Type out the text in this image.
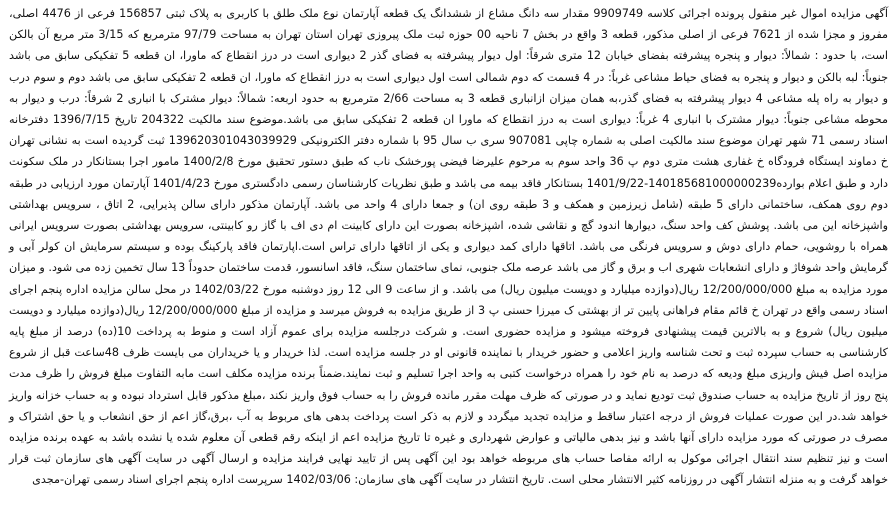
آگهی مزایده اموال غیر منقول پرونده اجرائی کلاسه 9909749 مقدار سه دانگ مشاع از ششدانگ یک قطعه آپارتمان نوع ملک طلق با کاربری به پلاک ثبتی 156857 فرعی از 4476 اصلی، مفروز و مجزا شده از 7621 فرعی از اصلی مذکور، قطعه 3 واقع در بخش 7 ناحیه 00 حوزه ثبت ملک پیروزی تهران استان تهران به مساحت 97/79 مترمربع که 3/15 متر مربع آن بالکن است، با حدود : شمالاً: دیوار و پنجره پیشرفته بفضای خیابان 12 متری شرقاً: اول دیوار پیشرفته به فضای گذر 2 دیواری است در درز انقطاع که ماورا، ان قطعه 5 تفکیکی سابق می باشد جنوباً: لبه بالکن و دیوار و پنجره به فضای حیاط مشاعی غرباً: در 4 قسمت که دوم شمالی است اول دیواری است به درز انقطاع که ماورا، ان قطعه 2 تفکیکی سابق می باشد دوم و سوم درب و دیوار به راه پله مشاعی 4 دیوار پیشرفته به فضای گذر،به همان میزان ازانباری قطعه 3 به مساحت 2/66 مترمربع به حدود اربعه: شمالاً: دیوار مشترک با انباری 2 شرقاً: درب و دیوار به محوطه مشاعی جنوباً: دیوار مشترک با انباری 4 غرباً: دیواری است به درز انقطاع که ماورا ان قطعه 2 تفکیکی سابق می باشد.موضوع سند مالکیت 204322 تاریخ 1396/7/15 دفترخانه اسناد رسمی 71 شهر تهران موضوع سند مالکیت اصلی به شماره چاپی 907081 سری ب سال 95 با شماره دفتر الکترونیکی 139620301043039929 ثبت گردیده است به نشانی تهران خ دماوند ایستگاه فرودگاه خ غفاری هشت متری دوم پ 36 واحد سوم به مرحوم علیرضا فیضی پورخشک ناب که طبق دستور تحقیق مورخ 1400/2/8 مامور اجرا بستانکار در ملک سکونت دارد و طبق اعلام بوارده140185681000000239-1401/9/22 بستانکار فاقد بیمه می باشد و طبق نظریات کارشناسان رسمی دادگستری مورخ 1401/4/23 آپارتمان مورد ارزیابی در طبقه دوم روی همکف، ساختمانی دارای 5 طبقه (شامل زیرزمین و همکف و 3 طبقه روی ان) و جمعا دارای 4 واحد می باشد. آپارتمان مذکور دارای سالن پذیرایی، 2 اتاق ، سرویس بهداشتی واشپزخانه این می باشد. پوشش کف واحد سنگ، دیوارها اندود گچ و نقاشی شده، اشپزخانه بصورت این دارای کابینت ام دی اف با گاز رو کابینتی، سرویس بهداشتی بصورت سرویس ایرانی همراه با روشویی، حمام دارای دوش و سرویس فرنگی می باشد. اتاقها دارای کمد دیواری و یکی از اتاقها دارای تراس است.اپارتمان فاقد پارکینگ بوده و سیستم سرمایش ان کولر آبی و گرمایش واحد شوفاژ و دارای انشعابات شهری اب و برق و گاز می باشد عرصه ملک جنوبی، نمای ساختمان سنگ، فاقد اسانسور، قدمت ساختمان حدوداً 13 سال تخمین زده می شود. و میزان مورد مزایده به مبلغ 12/200/000/000 ریال(دوازده میلیارد و دویست میلیون ریال) می باشد. و از ساعت 9 الی 12 روز دوشنبه مورخ 1402/03/22 در محل سالن مزایده اداره پنجم اجرای اسناد رسمی واقع در تهران خ قائم مقام فراهانی پایین تر از بهشتی ک میرزا حسنی پ 3 از طریق مزایده به فروش میرسد و مزایده از مبلغ 12/200/000/000 ریال(دوازده میلیارد و دویست میلیون ریال) شروع و به بالاترین قیمت پیشنهادی فروخته میشود و مزایده حضوری است. و شرکت درجلسه مزایده برای عموم آزاد است و منوط به پرداخت 10(ده) درصد از مبلغ پایه کارشناسی به حساب سپرده ثبت و تحت شناسه واریز اعلامی و حضور خریدار با نماینده قانونی او در جلسه مزایده است. لذا خریدار و یا خریداران می بایست ظرف 48ساعت قبل از شروع مزایده اصل فیش واریزی مبلغ ودیعه که درصد به نام خود را همراه درخواست کتبی به واحد اجرا تسلیم و ثبت نمایند.ضمناً برنده مزایده مکلف است مابه التفاوت مبلغ فروش را ظرف مدت پنج روز از تاریخ مزایده به حساب صندوق ثبت تودیع نماید و در صورتی که ظرف مهلت مقرر مانده فروش را به حساب فوق واریز نکند ،مبلغ مذکور قابل استرداد نبوده و به حساب خزانه واریز خواهد شد.در این صورت عملیات فروش از درجه اعتبار ساقط و مزایده تجدید میگردد و لازم به ذکر است پرداخت بدهی های مربوط به آب ،برق،گاز اعم از حق انشعاب و یا حق اشتراک و مصرف در صورتی که مورد مزایده دارای آنها باشد و نیز بدهی مالیاتی و عوارض شهرداری و غیره تا تاریخ مزایده اعم از اینکه رقم قطعی آن معلوم شده یا نشده باشد به عهده برنده مزایده است و نیز تنظیم سند انتقال اجرائی موکول به ارائه مفاصا حساب های مربوطه خواهد بود این آگهی پس از تایید نهایی فرایند مزایده و ارسال آگهی در سایت آگهی های سازمان ثبت قرار خواهد گرفت و به منزله انتشار آگهی در روزنامه کثیر الانتشار محلی است. تاریخ انتشار در سایت آگهی های سازمان: 1402/03/06 سرپرست اداره پنجم اجرای اسناد رسمی تهران-مجدی
